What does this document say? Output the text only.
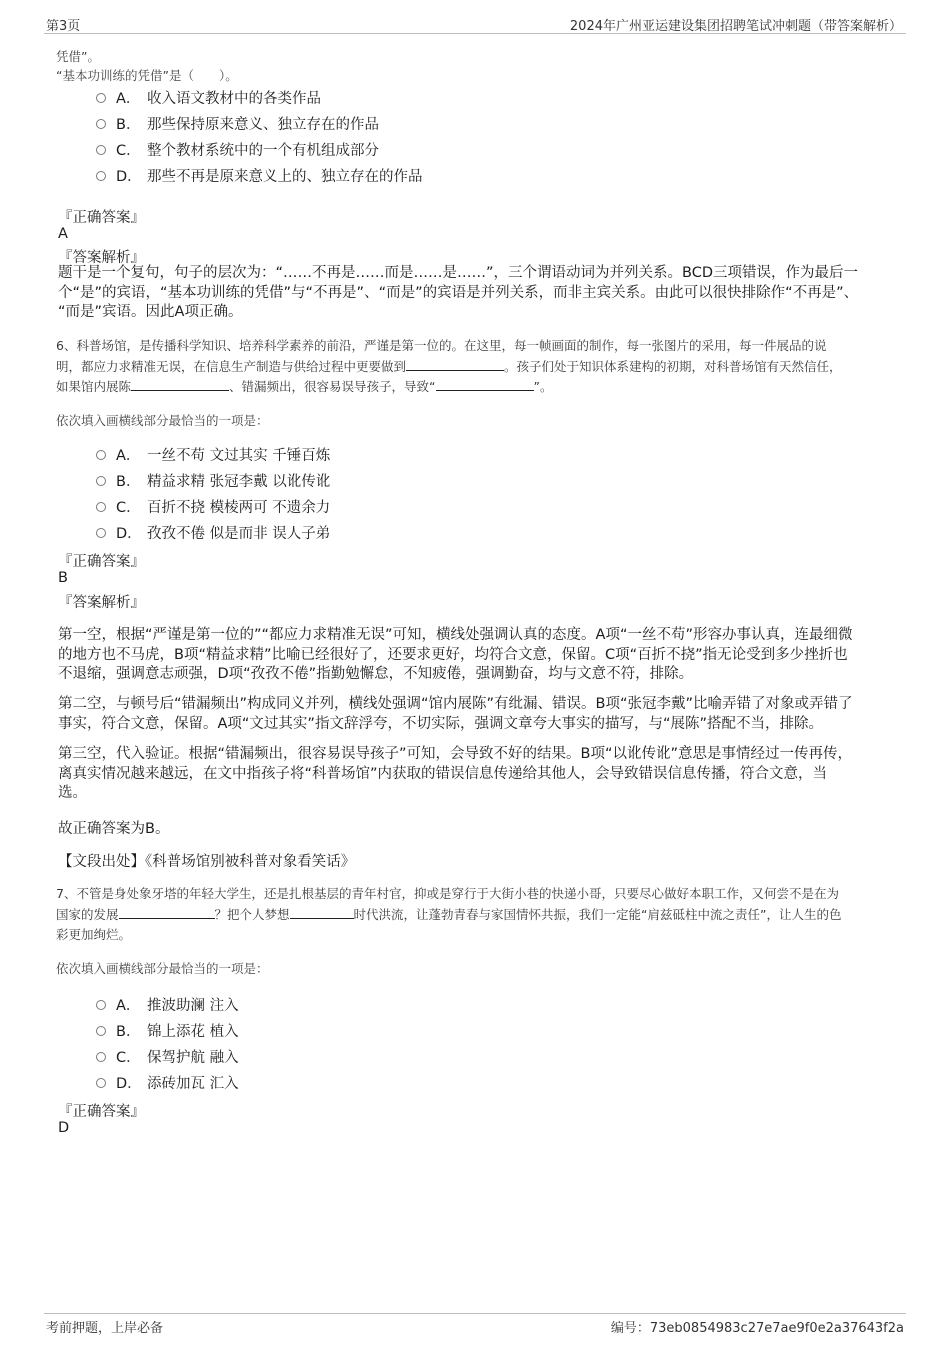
第3页	2024年广州亚运建设集团招聘笔试冲刺题（带答案解析）
凭借”。
“基本功训练的凭借”是（　　）。
A． 收入语文教材中的各类作品
B． 那些保持原来意义、独立存在的作品
C． 整个教材系统中的一个有机组成部分
D． 那些不再是原来意义上的、独立存在的作品
『正确答案』
A
『答案解析』
题干是一个复句，句子的层次为：“……不再是……而是……是……”，三个谓语动词为并列关系。BCD三项错误，作为最后一
个“是”的宾语，“基本功训练的凭借”与“不再是”、“而是”的宾语是并列关系，而非主宾关系。由此可以很快排除作“不再是”、
“而是”宾语。因此A项正确。
6、科普场馆，是传播科学知识、培养科学素养的前沿，严谨是第一位的。在这里，每一帧画面的制作，每一张图片的采用，每一件展品的说
明，都应力求精准无误，在信息生产制造与供给过程中更要做到	。孩子们处于知识体系建构的初期，对科普场馆有天然信任，
如果馆内展陈	、错漏频出，很容易误导孩子，导致“	”。
依次填入画横线部分最恰当的一项是：
A． 一丝不苟 文过其实 千锤百炼
B． 精益求精 张冠李戴 以讹传讹
C． 百折不挠 模棱两可 不遗余力
D． 孜孜不倦 似是而非 误人子弟
『正确答案』
B
『答案解析』
第一空，根据“严谨是第一位的”“都应力求精准无误”可知，横线处强调认真的态度。A项“一丝不苟”形容办事认真，连最细微
的地方也不马虎，B项“精益求精”比喻已经很好了，还要求更好，均符合文意，保留。C项“百折不挠”指无论受到多少挫折也
不退缩，强调意志顽强，D项“孜孜不倦”指勤勉懈怠，不知疲倦，强调勤奋，均与文意不符，排除。
第二空，与顿号后“错漏频出”构成同义并列，横线处强调“馆内展陈”有纰漏、错误。B项“张冠李戴”比喻弄错了对象或弄错了
事实，符合文意，保留。A项“文过其实”指文辞浮夸，不切实际，强调文章夸大事实的描写，与“展陈”搭配不当，排除。
第三空，代入验证。根据“错漏频出，很容易误导孩子”可知，会导致不好的结果。B项“以讹传讹”意思是事情经过一传再传，
离真实情况越来越远，在文中指孩子将“科普场馆”内获取的错误信息传递给其他人，会导致错误信息传播，符合文意，当
选。
故正确答案为B。
【文段出处】《科普场馆别被科普对象看笑话》
7、不管是身处象牙塔的年轻大学生，还是扎根基层的青年村官，抑或是穿行于大街小巷的快递小哥，只要尽心做好本职工作，又何尝不是在为
国家的发展	？把个人梦想	时代洪流，让蓬勃青春与家国情怀共振，我们一定能“肩兹砥柱中流之责任”，让人生的色
彩更加绚烂。
依次填入画横线部分最恰当的一项是：
A． 推波助澜 注入
B． 锦上添花 植入
C． 保驾护航 融入
D． 添砖加瓦 汇入
『正确答案』
D
考前押题，上岸必备	编号：73eb0854983c27e7ae9f0e2a37643f2a
